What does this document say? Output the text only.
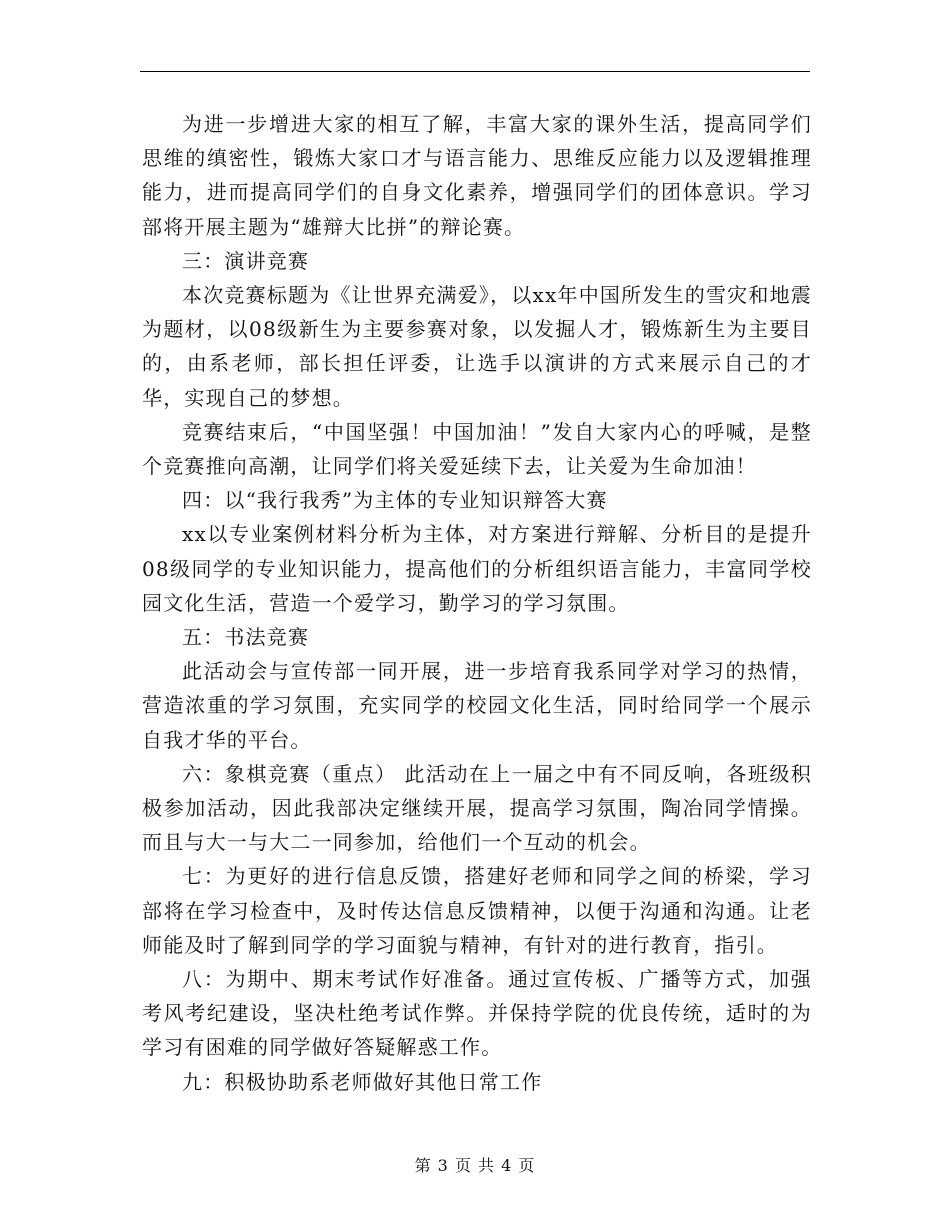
为进一步增进大家的相互了解，丰富大家的课外生活，提高同学们思维的缜密性，锻炼大家口才与语言能力、思维反应能力以及逻辑推理能力，进而提高同学们的自身文化素养，增强同学们的团体意识。学习部将开展主题为“雄辩大比拼”的辩论赛。

三：演讲竞赛

本次竞赛标题为《让世界充满爱》，以xx年中国所发生的雪灾和地震为题材，以08级新生为主要参赛对象，以发掘人才，锻炼新生为主要目的，由系老师，部长担任评委，让选手以演讲的方式来展示自己的才华，实现自己的梦想。

竞赛结束后，“中国坚强！中国加油！”发自大家内心的呼喊，是整个竞赛推向高潮，让同学们将关爱延续下去，让关爱为生命加油！

四：以“我行我秀”为主体的专业知识辩答大赛

xx以专业案例材料分析为主体，对方案进行辩解、分析目的是提升08级同学的专业知识能力，提高他们的分析组织语言能力，丰富同学校园文化生活，营造一个爱学习，勤学习的学习氛围。

五：书法竞赛

此活动会与宣传部一同开展，进一步培育我系同学对学习的热情，营造浓重的学习氛围，充实同学的校园文化生活，同时给同学一个展示自我才华的平台。

六：象棋竞赛（重点） 此活动在上一届之中有不同反响，各班级积极参加活动，因此我部决定继续开展，提高学习氛围，陶冶同学情操。而且与大一与大二一同参加，给他们一个互动的机会。

七：为更好的进行信息反馈，搭建好老师和同学之间的桥梁，学习部将在学习检查中，及时传达信息反馈精神，以便于沟通和沟通。让老师能及时了解到同学的学习面貌与精神，有针对的进行教育，指引。

八：为期中、期末考试作好准备。通过宣传板、广播等方式，加强考风考纪建设，坚决杜绝考试作弊。并保持学院的优良传统，适时的为学习有困难的同学做好答疑解惑工作。

九：积极协助系老师做好其他日常工作

第 3 页 共 4 页
